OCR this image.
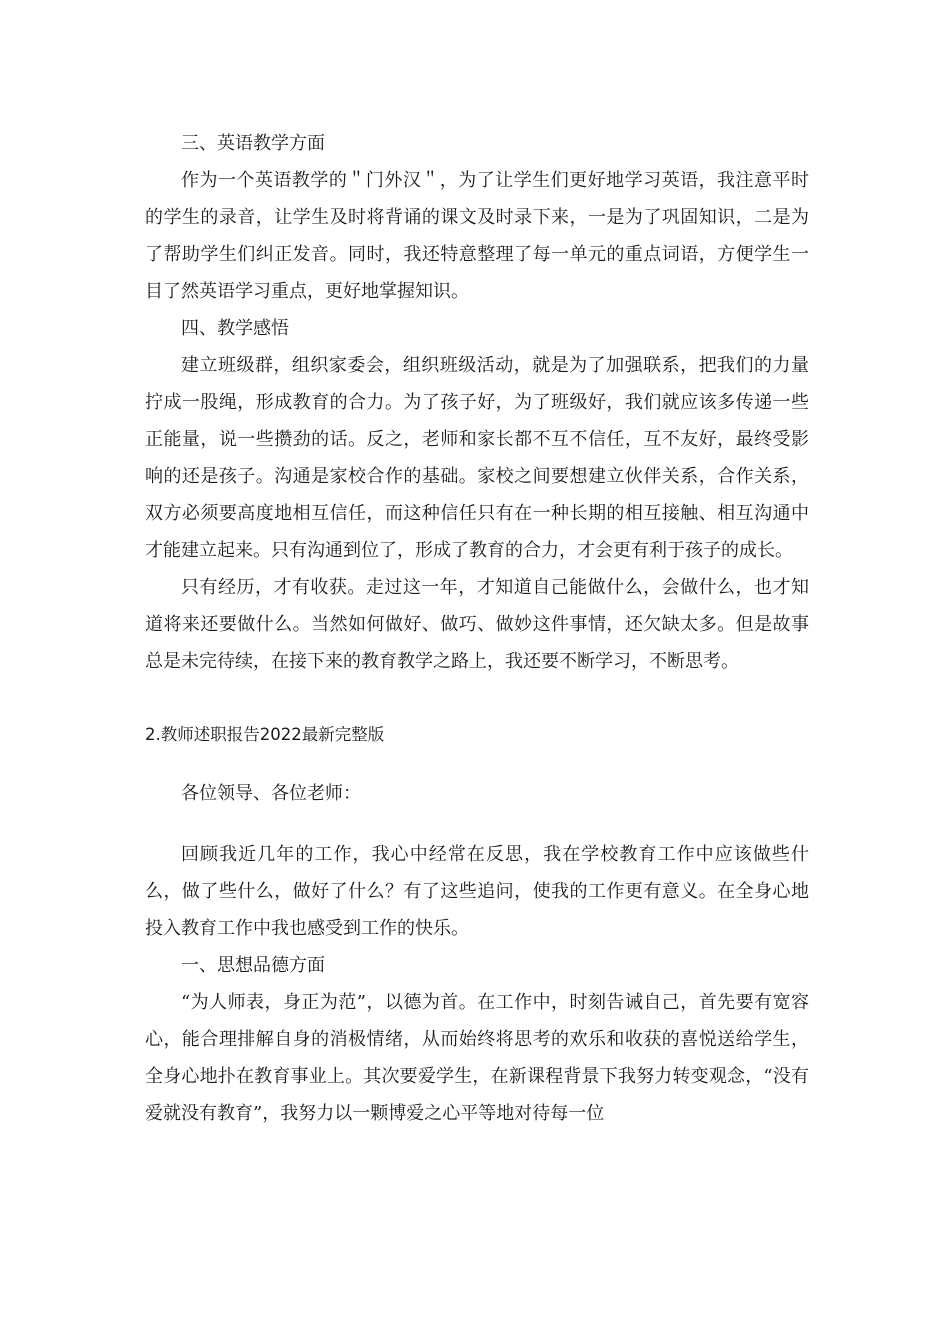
三、英语教学方面

作为一个英语教学的＂门外汉＂，为了让学生们更好地学习英语，我注意平时的学生的录音，让学生及时将背诵的课文及时录下来，一是为了巩固知识，二是为了帮助学生们纠正发音。同时，我还特意整理了每一单元的重点词语，方便学生一目了然英语学习重点，更好地掌握知识。

四、教学感悟

建立班级群，组织家委会，组织班级活动，就是为了加强联系，把我们的力量拧成一股绳，形成教育的合力。为了孩子好，为了班级好，我们就应该多传递一些正能量，说一些攒劲的话。反之，老师和家长都不互不信任，互不友好，最终受影响的还是孩子。沟通是家校合作的基础。家校之间要想建立伙伴关系，合作关系，双方必须要高度地相互信任，而这种信任只有在一种长期的相互接触、相互沟通中才能建立起来。只有沟通到位了，形成了教育的合力，才会更有利于孩子的成长。

只有经历，才有收获。走过这一年，才知道自己能做什么，会做什么，也才知道将来还要做什么。当然如何做好、做巧、做妙这件事情，还欠缺太多。但是故事总是未完待续，在接下来的教育教学之路上，我还要不断学习，不断思考。

2.教师述职报告2022最新完整版

各位领导、各位老师：

回顾我近几年的工作，我心中经常在反思，我在学校教育工作中应该做些什么，做了些什么，做好了什么？有了这些追问，使我的工作更有意义。在全身心地投入教育工作中我也感受到工作的快乐。

一、思想品德方面

“为人师表，身正为范”，以德为首。在工作中，时刻告诫自己，首先要有宽容心，能合理排解自身的消极情绪，从而始终将思考的欢乐和收获的喜悦送给学生，全身心地扑在教育事业上。其次要爱学生，在新课程背景下我努力转变观念，“没有爱就没有教育”，我努力以一颗博爱之心平等地对待每一位
